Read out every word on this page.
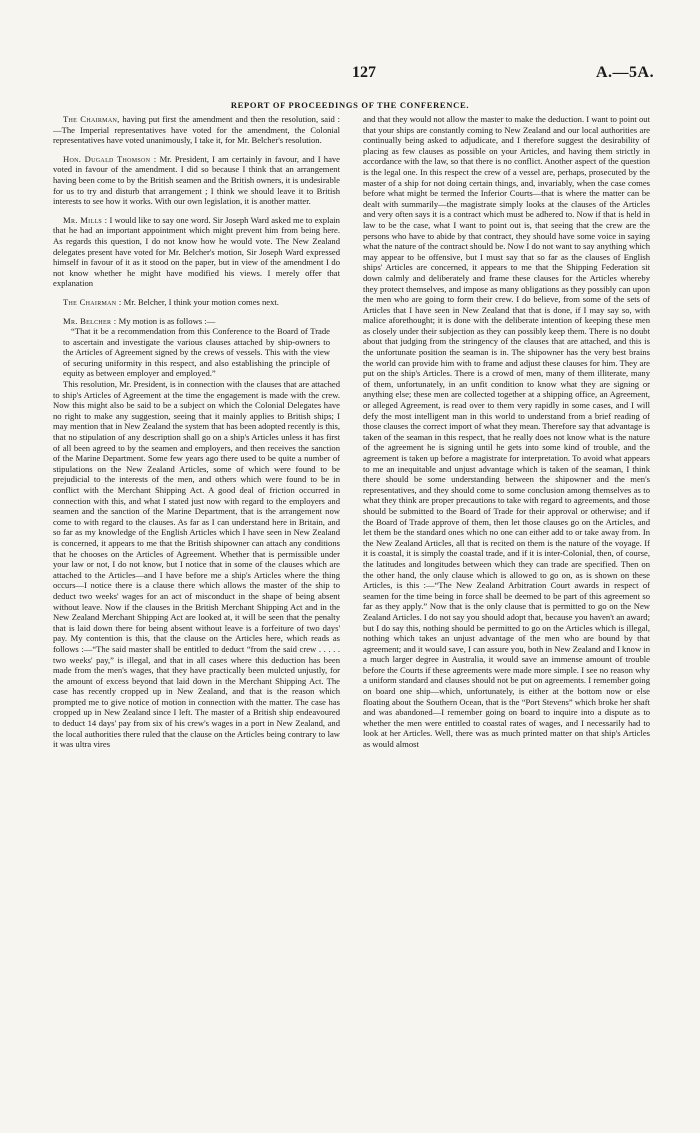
127	A.—5A.
REPORT OF PROCEEDINGS OF THE CONFERENCE.

The Chairman, having put first the amendment and then the resolution, said :—The Imperial representatives have voted for the amendment, the Colonial representatives have voted unanimously, I take it, for Mr. Belcher's resolution.

Hon. Dugald Thomson : Mr. President, I am certainly in favour, and I have voted in favour of the amendment. I did so because I think that an arrangement having been come to by the British seamen and the British owners, it is undesirable for us to try and disturb that arrangement ; I think we should leave it to British interests to see how it works. With our own legislation, it is another matter.

Mr. Mills : I would like to say one word. Sir Joseph Ward asked me to explain that he had an important appointment which might prevent him from being here. As regards this question, I do not know how he would vote. The New Zealand delegates present have voted for Mr. Belcher's motion, Sir Joseph Ward expressed himself in favour of it as it stood on the paper, but in view of the amendment I do not know whether he might have modified his views. I merely offer that explanation

The Chairman : Mr. Belcher, I think your motion comes next.

Mr. Belcher : My motion is as follows :—

“That it be a recommendation from this Conference to the Board of Trade to ascertain and investigate the various clauses attached by ship-owners to the Articles of Agreement signed by the crews of vessels. This with the view of securing uniformity in this respect, and also establishing the principle of equity as between employer and employed.”

This resolution, Mr. President, is in connection with the clauses that are attached to ship's Articles of Agreement at the time the engagement is made with the crew. Now this might also be said to be a subject on which the Colonial Delegates have no right to make any suggestion, seeing that it mainly applies to British ships; I may mention that in New Zealand the system that has been adopted recently is this, that no stipulation of any description shall go on a ship's Articles unless it has first of all been agreed to by the seamen and employers, and then receives the sanction of the Marine Department. Some few years ago there used to be quite a number of stipulations on the New Zealand Articles, some of which were found to be prejudicial to the interests of the men, and others which were found to be in conflict with the Merchant Shipping Act. A good deal of friction occurred in connection with this, and what I stated just now with regard to the employers and seamen and the sanction of the Marine Department, that is the arrangement now come to with regard to the clauses. As far as I can understand here in Britain, and so far as my knowledge of the English Articles which I have seen in New Zealand is concerned, it appears to me that the British shipowner can attach any conditions that he chooses on the Articles of Agreement. Whether that is permissible under your law or not, I do not know, but I notice that in some of the clauses which are attached to the Articles—and I have before me a ship's Articles where the thing occurs—I notice there is a clause there which allows the master of the ship to deduct two weeks' wages for an act of misconduct in the shape of being absent without leave. Now if the clauses in the British Merchant Shipping Act and in the New Zealand Merchant Shipping Act are looked at, it will be seen that the penalty that is laid down there for being absent without leave is a forfeiture of two days' pay. My contention is this, that the clause on the Articles here, which reads as follows :—“The said master shall be entitled to deduct “from the said crew . . . . . two weeks' pay,” is illegal, and that in all cases where this deduction has been made from the men's wages, that they have practically been mulcted unjustly, for the amount of excess beyond that laid down in the Merchant Shipping Act. The case has recently cropped up in New Zealand, and that is the reason which prompted me to give notice of motion in connection with the matter. The case has cropped up in New Zealand since I left. The master of a British ship endeavoured to deduct 14 days' pay from six of his crew's wages in a port in New Zealand, and the local authorities there ruled that the clause on the Articles being contrary to law it was ultra vires

and that they would not allow the master to make the deduction. I want to point out that your ships are constantly coming to New Zealand and our local authorities are continually being asked to adjudicate, and I therefore suggest the desirability of placing as few clauses as possible on your Articles, and having them strictly in accordance with the law, so that there is no conflict. Another aspect of the question is the legal one. In this respect the crew of a vessel are, perhaps, prosecuted by the master of a ship for not doing certain things, and, invariably, when the case comes before what might be termed the Inferior Courts—that is where the matter can be dealt with summarily—the magistrate simply looks at the clauses of the Articles and very often says it is a contract which must be adhered to. Now if that is held in law to be the case, what I want to point out is, that seeing that the crew are the persons who have to abide by that contract, they should have some voice in saying what the nature of the contract should be. Now I do not want to say anything which may appear to be offensive, but I must say that so far as the clauses of English ships' Articles are concerned, it appears to me that the Shipping Federation sit down calmly and deliberately and frame these clauses for the Articles whereby they protect themselves, and impose as many obligations as they possibly can upon the men who are going to form their crew. I do believe, from some of the sets of Articles that I have seen in New Zealand that that is done, if I may say so, with malice aforethought; it is done with the deliberate intention of keeping these men as closely under their subjection as they can possibly keep them. There is no doubt about that judging from the stringency of the clauses that are attached, and this is the unfortunate position the seaman is in. The shipowner has the very best brains the world can provide him with to frame and adjust these clauses for him. They are put on the ship's Articles. There is a crowd of men, many of them illiterate, many of them, unfortunately, in an unfit condition to know what they are signing or anything else; these men are collected together at a shipping office, an Agreement, or alleged Agreement, is read over to them very rapidly in some cases, and I will defy the most intelligent man in this world to understand from a brief reading of those clauses the correct import of what they mean. Therefore say that advantage is taken of the seaman in this respect, that he really does not know what is the nature of the agreement he is signing until he gets into some kind of trouble, and the agreement is taken up before a magistrate for interpretation. To avoid what appears to me an inequitable and unjust advantage which is taken of the seaman, I think there should be some understanding between the shipowner and the men's representatives, and they should come to some conclusion among themselves as to what they think are proper precautions to take with regard to agreements, and those should be submitted to the Board of Trade for their approval or otherwise; and if the Board of Trade approve of them, then let those clauses go on the Articles, and let them be the standard ones which no one can either add to or take away from. In the New Zealand Articles, all that is recited on them is the nature of the voyage. If it is coastal, it is simply the coastal trade, and if it is inter-Colonial, then, of course, the latitudes and longitudes between which they can trade are specified. Then on the other hand, the only clause which is allowed to go on, as is shown on these Articles, is this :—“The New Zealand Arbitration Court awards in respect of seamen for the time being in force shall be deemed to be part of this agreement so far as they apply.” Now that is the only clause that is permitted to go on the New Zealand Articles. I do not say you should adopt that, because you haven't an award; but I do say this, nothing should be permitted to go on the Articles which is illegal, nothing which takes an unjust advantage of the men who are bound by that agreement; and it would save, I can assure you, both in New Zealand and I know in a much larger degree in Australia, it would save an immense amount of trouble before the Courts if these agreements were made more simple. I see no reason why a uniform standard and clauses should not be put on agreements. I remember going on board one ship—which, unfortunately, is either at the bottom now or else floating about the Southern Ocean, that is the “Port Stevens” which broke her shaft and was abandoned—I remember going on board to inquire into a dispute as to whether the men were entitled to coastal rates of wages, and I necessarily had to look at her Articles. Well, there was as much printed matter on that ship's Articles as would almost
